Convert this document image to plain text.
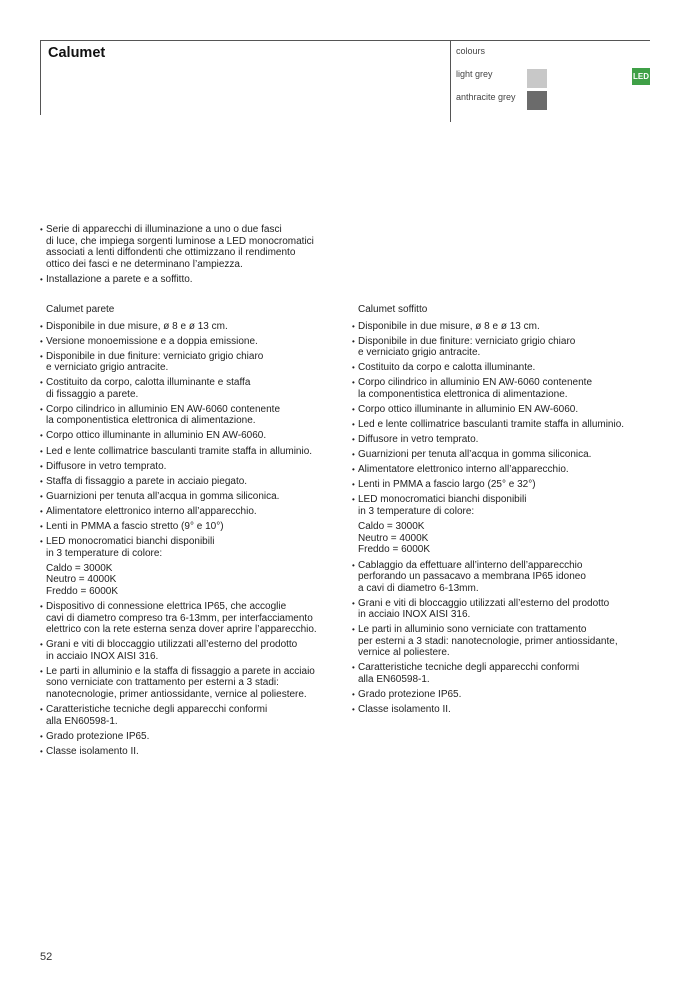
Calumet	colours
light grey
anthracite grey
LED
• Serie di apparecchi di illuminazione a uno o due fasci
di luce, che impiega sorgenti luminose a LED monocromatici
associati a lenti diffondenti che ottimizzano il rendimento
ottico dei fasci e ne determinano l’ampiezza.
• Installazione a parete e a soffitto.
Calumet parete
• Disponibile in due misure, ø 8 e ø 13 cm.
• Versione monoemissione e a doppia emissione.
• Disponibile in due finiture: verniciato grigio chiaro
e verniciato grigio antracite.
• Costituito da corpo, calotta illuminante e staffa
di fissaggio a parete.
• Corpo cilindrico in alluminio EN AW-6060 contenente
la componentistica elettronica di alimentazione.
• Corpo ottico illuminante in alluminio EN AW-6060.
• Led e lente collimatrice basculanti tramite staffa in alluminio.
• Diffusore in vetro temprato.
• Staffa di fissaggio a parete in acciaio piegato.
• Guarnizioni per tenuta all’acqua in gomma siliconica.
• Alimentatore elettronico interno all’apparecchio.
• Lenti in PMMA a fascio stretto (9° e 10°)
• LED monocromatici bianchi disponibili
in 3 temperature di colore:
Caldo = 3000K
Neutro = 4000K
Freddo = 6000K
• Dispositivo di connessione elettrica IP65, che accoglie
cavi di diametro compreso tra 6-13mm, per interfacciamento
elettrico con la rete esterna senza dover aprire l’apparecchio.
• Grani e viti di bloccaggio utilizzati all’esterno del prodotto
in acciaio INOX AISI 316.
• Le parti in alluminio e la staffa di fissaggio a parete in acciaio
sono verniciate con trattamento per esterni a 3 stadi:
nanotecnologie, primer antiossidante, vernice al poliestere.
• Caratteristiche tecniche degli apparecchi conformi
alla EN60598-1.
• Grado protezione IP65.
• Classe isolamento II.
Calumet soffitto
• Disponibile in due misure, ø 8 e ø 13 cm.
• Disponibile in due finiture: verniciato grigio chiaro
e verniciato grigio antracite.
• Costituito da corpo e calotta illuminante.
• Corpo cilindrico in alluminio EN AW-6060 contenente
la componentistica elettronica di alimentazione.
• Corpo ottico illuminante in alluminio EN AW-6060.
• Led e lente collimatrice basculanti tramite staffa in alluminio.
• Diffusore in vetro temprato.
• Guarnizioni per tenuta all’acqua in gomma siliconica.
• Alimentatore elettronico interno all’apparecchio.
• Lenti in PMMA a fascio largo (25° e 32°)
• LED monocromatici bianchi disponibili
in 3 temperature di colore:
Caldo = 3000K
Neutro = 4000K
Freddo = 6000K
• Cablaggio da effettuare all’interno dell’apparecchio
perforando un passacavo a membrana IP65 idoneo
a cavi di diametro 6-13mm.
• Grani e viti di bloccaggio utilizzati all’esterno del prodotto
in acciaio INOX AISI 316.
• Le parti in alluminio sono verniciate con trattamento
per esterni a 3 stadi: nanotecnologie, primer antiossidante,
vernice al poliestere.
• Caratteristiche tecniche degli apparecchi conformi
alla EN60598-1.
• Grado protezione IP65.
• Classe isolamento II.
52
